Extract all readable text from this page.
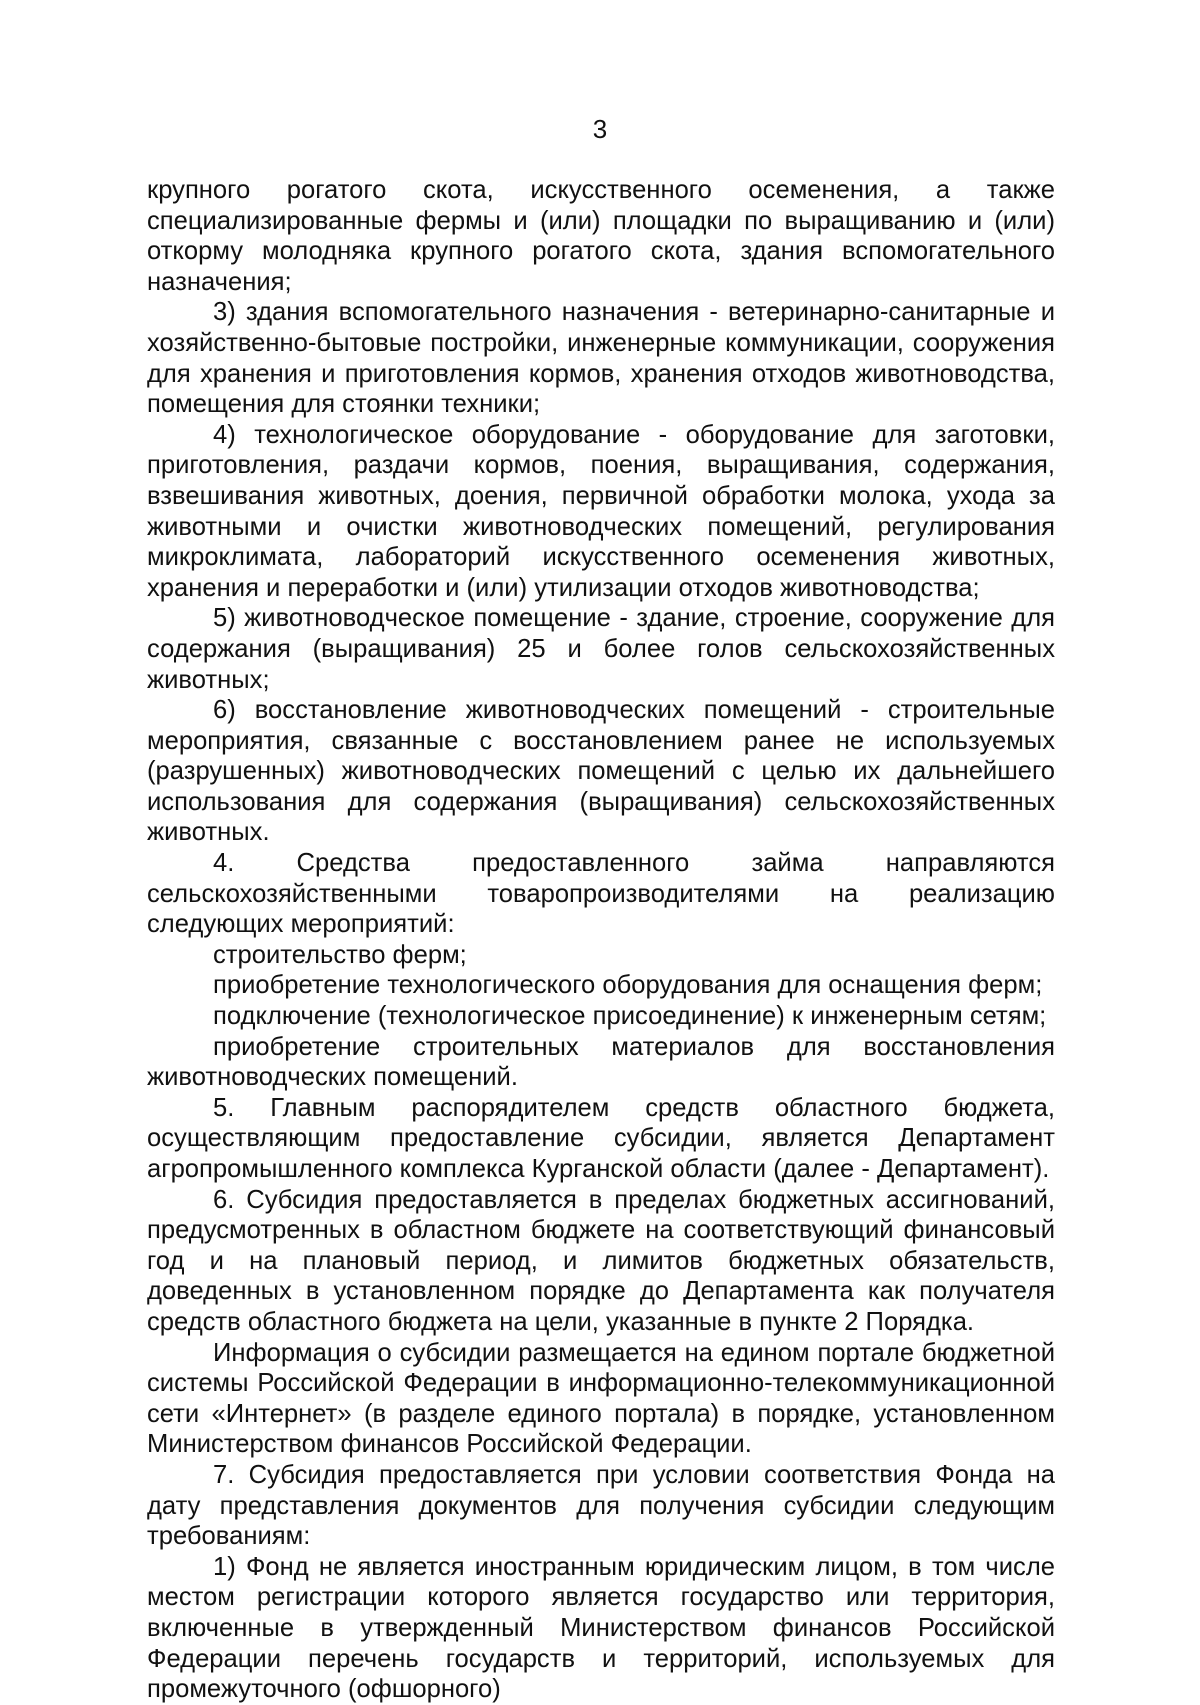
3

крупного рогатого скота, искусственного осеменения, а также специализированные фермы и (или) площадки по выращиванию и (или) откорму молодняка крупного рогатого скота, здания вспомогательного назначения;

3) здания вспомогательного назначения - ветеринарно-санитарные и хозяйственно-бытовые постройки, инженерные коммуникации, сооружения для хранения и приготовления кормов, хранения отходов животноводства, помещения для стоянки техники;

4) технологическое оборудование - оборудование для заготовки, приготовления, раздачи кормов, поения, выращивания, содержания, взвешивания животных, доения, первичной обработки молока, ухода за животными и очистки животноводческих помещений, регулирования микроклимата, лабораторий искусственного осеменения животных, хранения и переработки и (или) утилизации отходов животноводства;

5) животноводческое помещение - здание, строение, сооружение для содержания (выращивания) 25 и более голов сельскохозяйственных животных;

6) восстановление животноводческих помещений - строительные мероприятия, связанные с восстановлением ранее не используемых (разрушенных) животноводческих помещений с целью их дальнейшего использования для содержания (выращивания) сельскохозяйственных животных.

4. Средства предоставленного займа направляются сельскохозяйственными товаропроизводителями на реализацию следующих мероприятий:

строительство ферм;

приобретение технологического оборудования для оснащения ферм;

подключение (технологическое присоединение) к инженерным сетям;

приобретение строительных материалов для восстановления животноводческих помещений.

5. Главным распорядителем средств областного бюджета, осуществляющим предоставление субсидии, является Департамент агропромышленного комплекса Курганской области (далее - Департамент).

6. Субсидия предоставляется в пределах бюджетных ассигнований, предусмотренных в областном бюджете на соответствующий финансовый год и на плановый период, и лимитов бюджетных обязательств, доведенных в установленном порядке до Департамента как получателя средств областного бюджета на цели, указанные в пункте 2 Порядка.

Информация о субсидии размещается на едином портале бюджетной системы Российской Федерации в информационно-телекоммуникационной сети «Интернет» (в разделе единого портала) в порядке, установленном Министерством финансов Российской Федерации.

7. Субсидия предоставляется при условии соответствия Фонда на дату представления документов для получения субсидии следующим требованиям:

1) Фонд не является иностранным юридическим лицом, в том числе местом регистрации которого является государство или территория, включенные в утвержденный Министерством финансов Российской Федерации перечень государств и территорий, используемых для промежуточного (офшорного)
